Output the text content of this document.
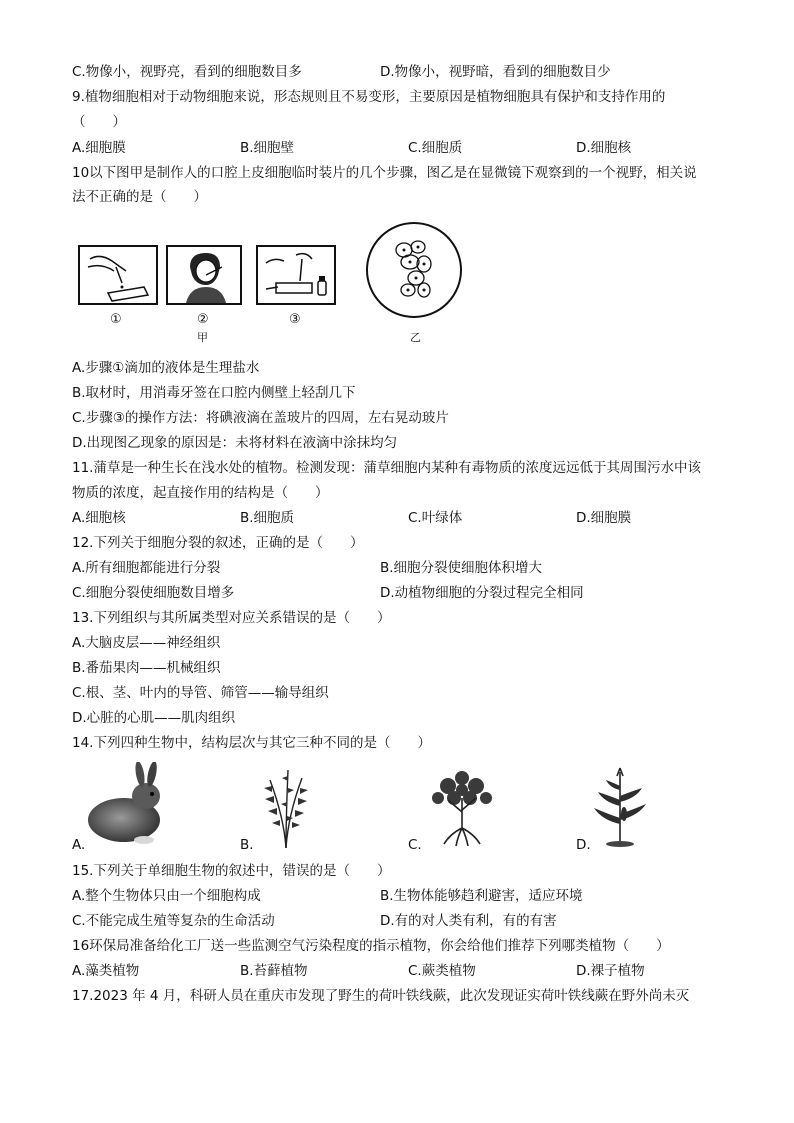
C.物像小，视野亮，看到的细胞数目多	D.物像小，视野暗，看到的细胞数目少
9.植物细胞相对于动物细胞来说，形态规则且不易变形，主要原因是植物细胞具有保护和支持作用的
（　　）
A.细胞膜	B.细胞壁	C.细胞质	D.细胞核
10以下图甲是制作人的口腔上皮细胞临时装片的几个步骤，图乙是在显微镜下观察到的一个视野，相关说
法不正确的是（　　）
①	②	③
甲	乙
A.步骤①滴加的液体是生理盐水
B.取材时，用消毒牙签在口腔内侧壁上轻刮几下
C.步骤③的操作方法：将碘液滴在盖玻片的四周，左右晃动玻片
D.出现图乙现象的原因是：未将材料在液滴中涂抹均匀
11.蒲草是一种生长在浅水处的植物。检测发现：蒲草细胞内某种有毒物质的浓度远远低于其周围污水中该
物质的浓度，起直接作用的结构是（　　）
A.细胞核	B.细胞质	C.叶绿体	D.细胞膜
12.下列关于细胞分裂的叙述，正确的是（　　）
A.所有细胞都能进行分裂	B.细胞分裂使细胞体积增大
C.细胞分裂使细胞数目增多	D.动植物细胞的分裂过程完全相同
13.下列组织与其所属类型对应关系错误的是（　　）
A.大脑皮层——神经组织
B.番茄果肉——机械组织
C.根、茎、叶内的导管、筛管——输导组织
D.心脏的心肌——肌肉组织
14.下列四种生物中，结构层次与其它三种不同的是（　　）
A.	B.	C.	D.
15.下列关于单细胞生物的叙述中，错误的是（　　）
A.整个生物体只由一个细胞构成	B.生物体能够趋利避害，适应环境
C.不能完成生殖等复杂的生命活动	D.有的对人类有利，有的有害
16环保局准备给化工厂送一些监测空气污染程度的指示植物，你会给他们推荐下列哪类植物（　　）
A.藻类植物	B.苔藓植物	C.蕨类植物	D.裸子植物
17.2023 年 4 月，科研人员在重庆市发现了野生的荷叶铁线蕨，此次发现证实荷叶铁线蕨在野外尚未灭
